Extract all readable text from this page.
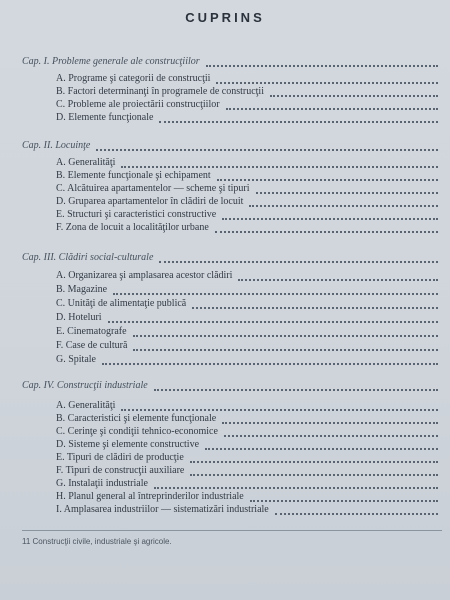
CUPRINS
Cap. I. Probleme generale ale construcţiilor
A. Programe şi categorii de construcţii
B. Factori determinanţi în programele de construcţii
C. Probleme ale proiectării construcţiilor
D. Elemente funcţionale
Cap. II. Locuinţe
A. Generalităţi
B. Elemente funcţionale şi echipament
C. Alcătuirea apartamentelor — scheme şi tipuri
D. Gruparea apartamentelor în clădiri de locuit
E. Structuri şi caracteristici constructive
F. Zona de locuit a localităţilor urbane
Cap. III. Clădiri social-culturale
A. Organizarea şi amplasarea acestor clădiri
B. Magazine
C. Unităţi de alimentaţie publică
D. Hoteluri
E. Cinematografe
F. Case de cultură
G. Spitale
Cap. IV. Construcţii industriale
A. Generalităţi
B. Caracteristici şi elemente funcţionale
C. Cerinţe şi condiţii tehnico-economice
D. Sisteme şi elemente constructive
E. Tipuri de clădiri de producţie
F. Tipuri de construcţii auxiliare
G. Instalaţii industriale
H. Planul general al întreprinderilor industriale
I. Amplasarea industriilor — sistematizări industriale
11 Construcţii civile, industriale şi agricole.
